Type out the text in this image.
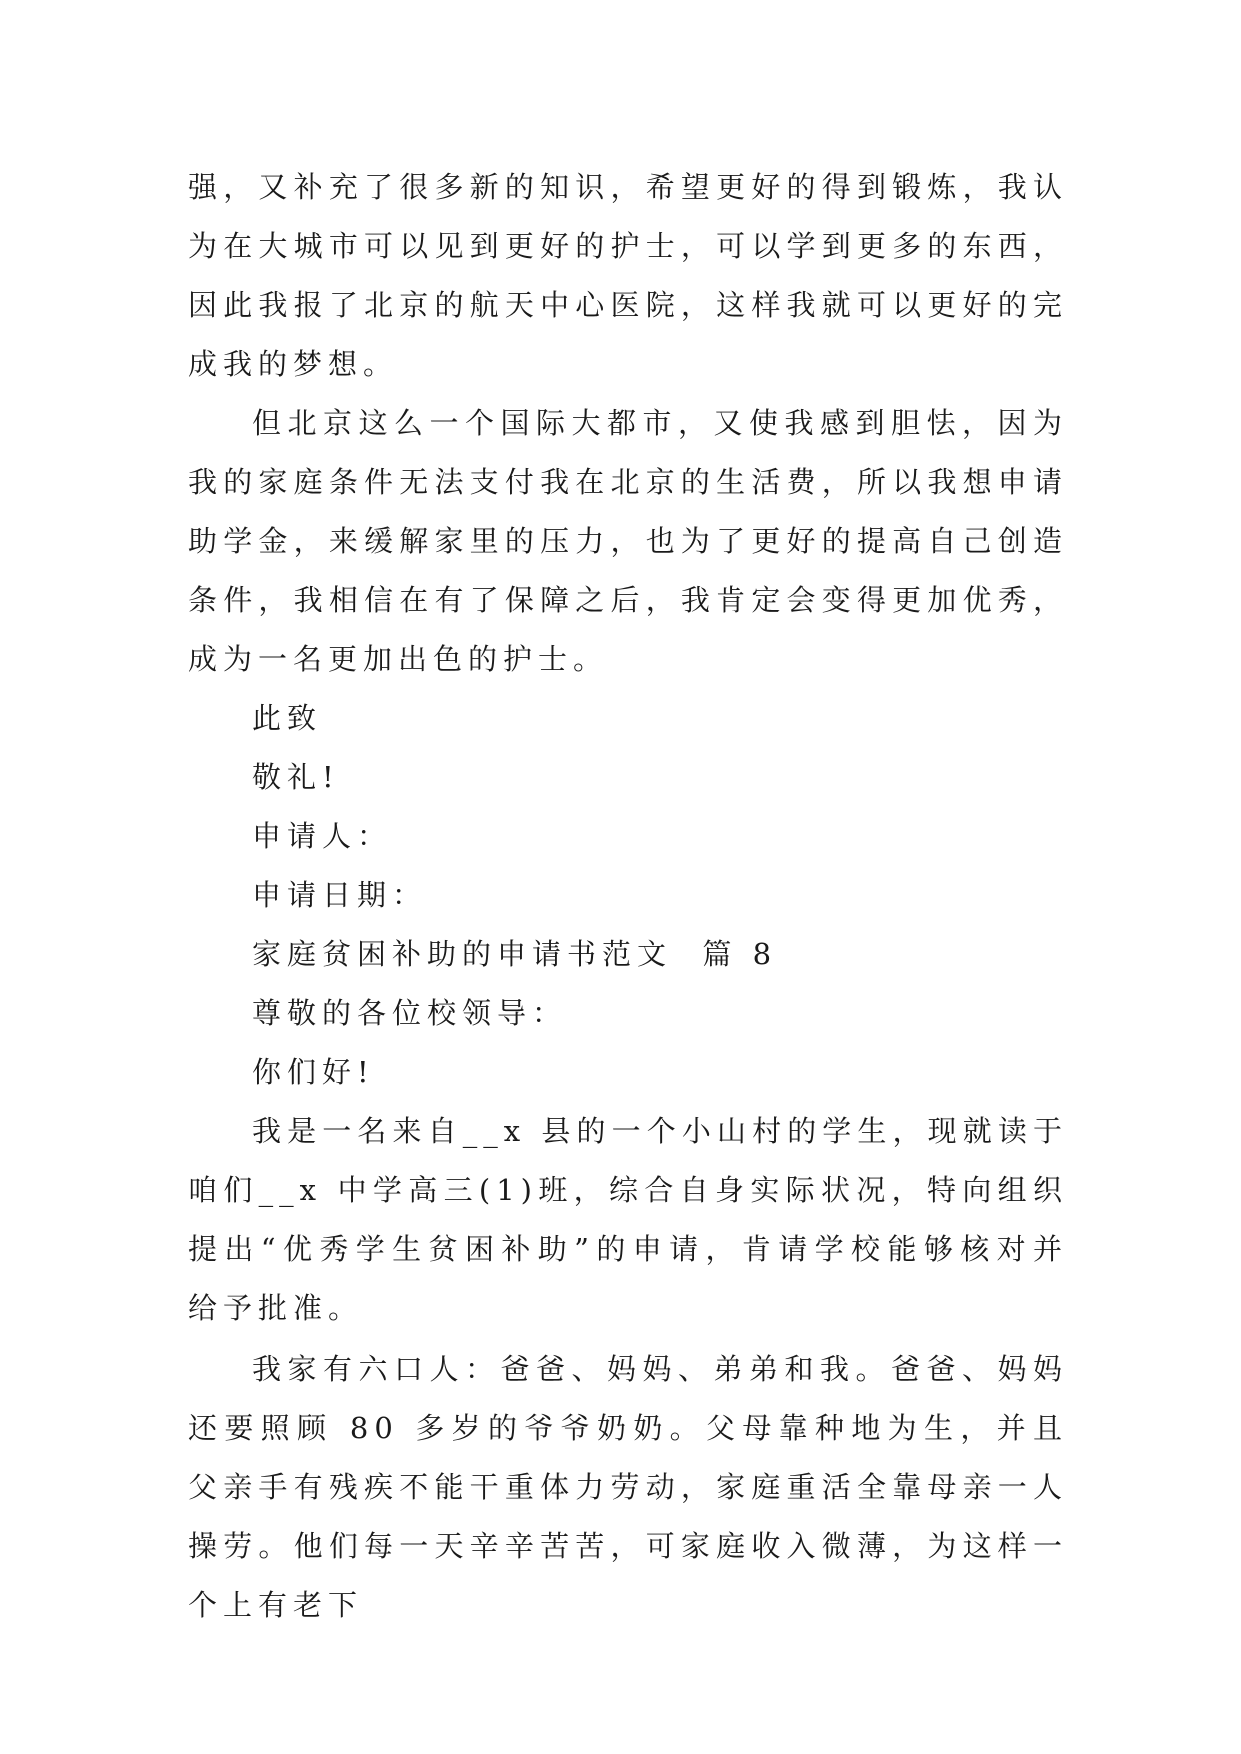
强，又补充了很多新的知识，希望更好的得到锻炼，我认为在大城市可以见到更好的护士，可以学到更多的东西，因此我报了北京的航天中心医院，这样我就可以更好的完成我的梦想。

但北京这么一个国际大都市，又使我感到胆怯，因为我的家庭条件无法支付我在北京的生活费，所以我想申请助学金，来缓解家里的压力，也为了更好的提高自己创造条件，我相信在有了保障之后，我肯定会变得更加优秀，成为一名更加出色的护士。

此致
敬礼!
申请人：
申请日期：
家庭贫困补助的申请书范文  篇 8
尊敬的各位校领导：
你们好!

我是一名来自__x 县的一个小山村的学生，现就读于咱们__x 中学高三(1)班，综合自身实际状况，特向组织提出“优秀学生贫困补助”的申请，肯请学校能够核对并给予批准。

我家有六口人：爸爸、妈妈、弟弟和我。爸爸、妈妈还要照顾 80 多岁的爷爷奶奶。父母靠种地为生，并且父亲手有残疾不能干重体力劳动，家庭重活全靠母亲一人操劳。他们每一天辛辛苦苦，可家庭收入微薄，为这样一个上有老下
